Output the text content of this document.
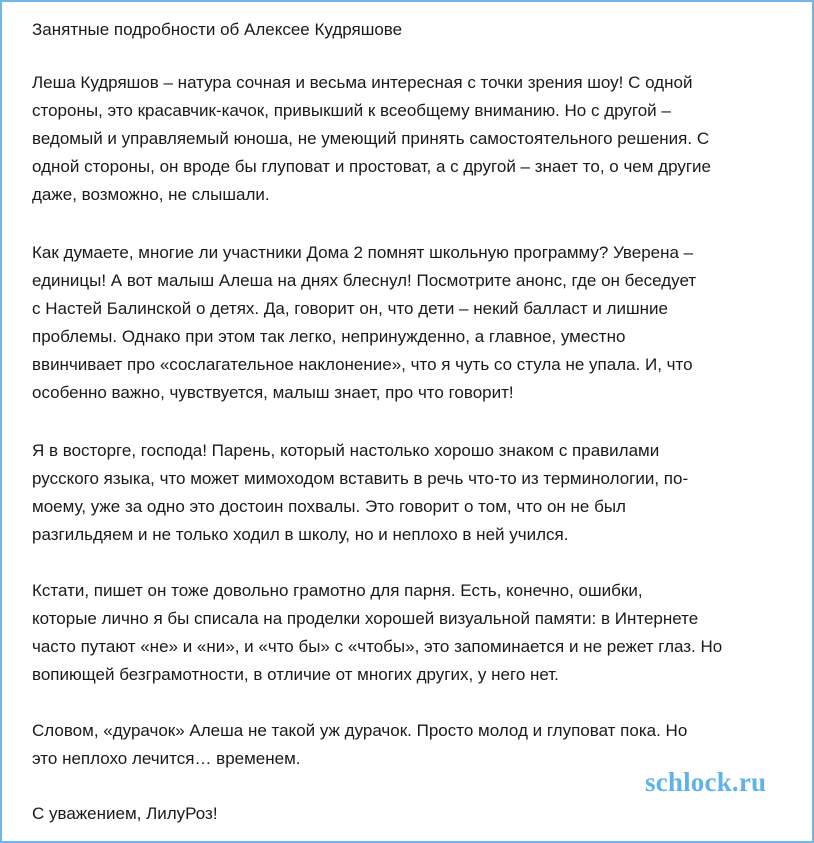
Занятные подробности об Алексее Кудряшове
Леша Кудряшов – натура сочная и весьма интересная с точки зрения шоу! С одной
стороны, это красавчик-качок, привыкший к всеобщему вниманию. Но с другой –
ведомый и управляемый юноша, не умеющий принять самостоятельного решения. С
одной стороны, он вроде бы глуповат и простоват, а с другой – знает то, о чем другие
даже, возможно, не слышали.
Как думаете, многие ли участники Дома 2 помнят школьную программу? Уверена –
единицы! А вот малыш Алеша на днях блеснул! Посмотрите анонс, где он беседует
с Настей Балинской о детях. Да, говорит он, что дети – некий балласт и лишние
проблемы. Однако при этом так легко, непринужденно, а главное, уместно
ввинчивает про «сослагательное наклонение», что я чуть со стула не упала. И, что
особенно важно, чувствуется, малыш знает, про что говорит!
Я в восторге, господа! Парень, который настолько хорошо знаком с правилами
русского языка, что может мимоходом вставить в речь что-то из терминологии, по-
моему, уже за одно это достоин похвалы. Это говорит о том, что он не был
разгильдяем и не только ходил в школу, но и неплохо в ней учился.
Кстати, пишет он тоже довольно грамотно для парня. Есть, конечно, ошибки,
которые лично я бы списала на проделки хорошей визуальной памяти: в Интернете
часто путают «не» и «ни», и «что бы» с «чтобы», это запоминается и не режет глаз. Но
вопиющей безграмотности, в отличие от многих других, у него нет.
Словом, «дурачок» Алеша не такой уж дурачок. Просто молод и глуповат пока. Но
это неплохо лечится… временем.
С уважением, ЛилуРоз!
schlock.ru
